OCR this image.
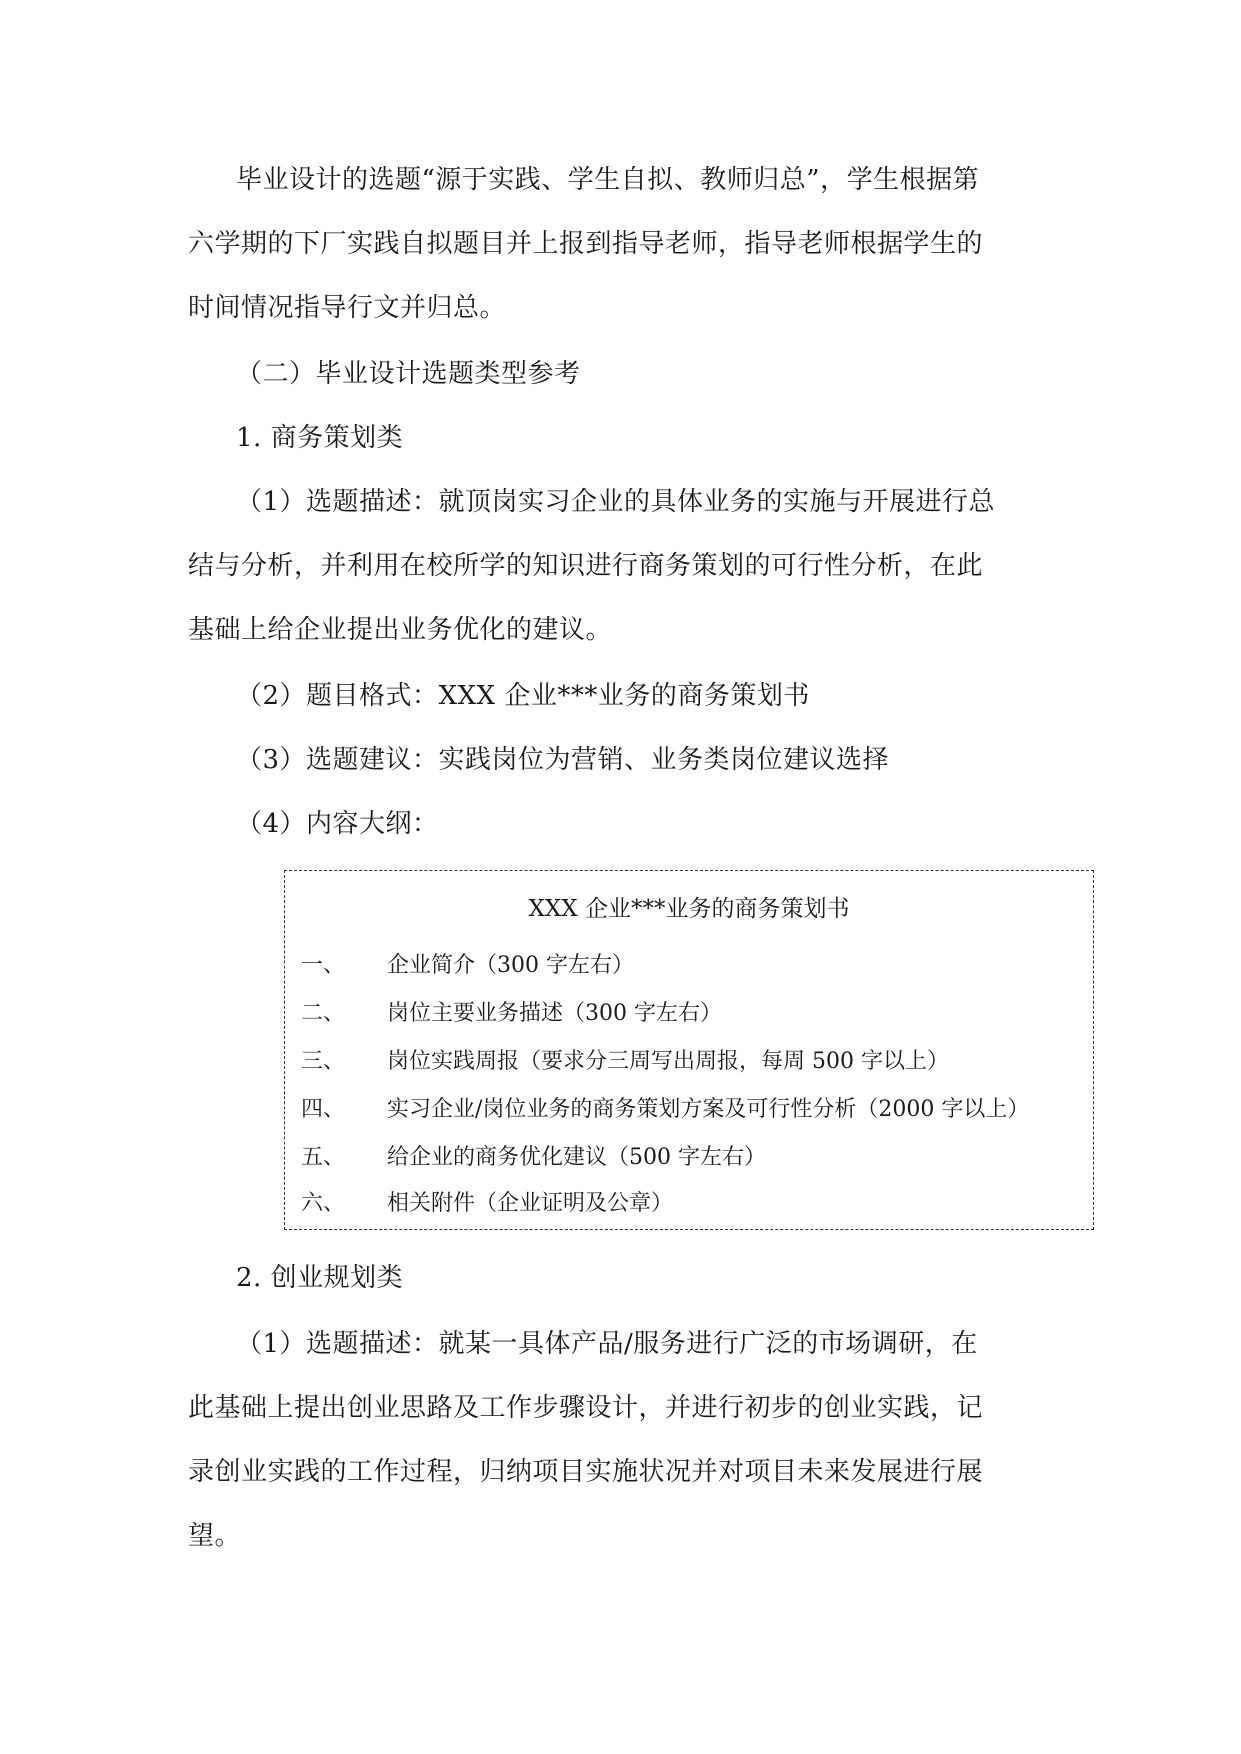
毕业设计的选题“源于实践、学生自拟、教师归总”，学生根据第
六学期的下厂实践自拟题目并上报到指导老师，指导老师根据学生的
时间情况指导行文并归总。
（二）毕业设计选题类型参考
1. 商务策划类
（1）选题描述：就顶岗实习企业的具体业务的实施与开展进行总
结与分析，并利用在校所学的知识进行商务策划的可行性分析，在此
基础上给企业提出业务优化的建议。
（2）题目格式：XXX 企业***业务的商务策划书
（3）选题建议：实践岗位为营销、业务类岗位建议选择
（4）内容大纲：
XXX 企业***业务的商务策划书
一、 企业简介（300 字左右）
二、 岗位主要业务描述（300 字左右）
三、 岗位实践周报（要求分三周写出周报，每周 500 字以上）
四、 实习企业/岗位业务的商务策划方案及可行性分析（2000 字以上）
五、 给企业的商务优化建议（500 字左右）
六、 相关附件（企业证明及公章）
2. 创业规划类
（1）选题描述：就某一具体产品/服务进行广泛的市场调研，在
此基础上提出创业思路及工作步骤设计，并进行初步的创业实践，记
录创业实践的工作过程，归纳项目实施状况并对项目未来发展进行展
望。
